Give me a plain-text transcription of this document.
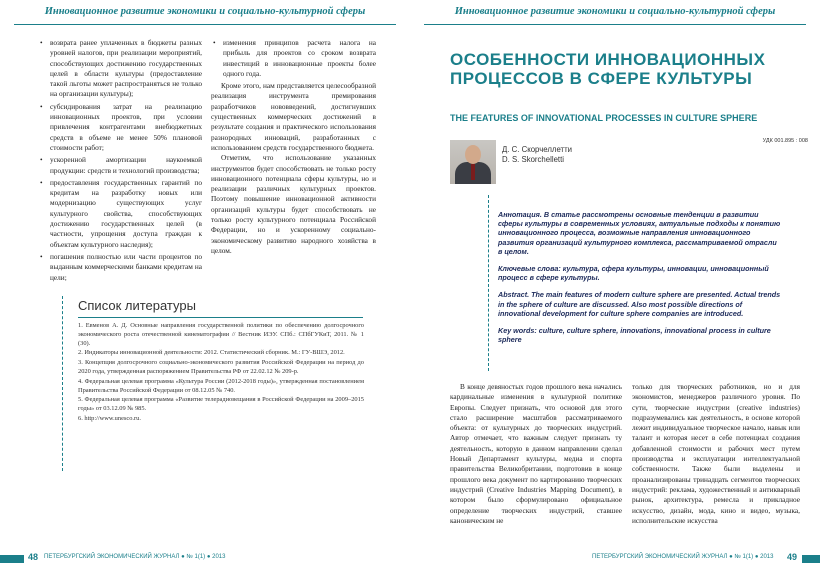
Инновационное развитие экономики и социально-культурной сферы
• возврата ранее уплаченных в бюджеты разных уровней налогов, при реализации мероприятий, способствующих достижению государственных целей в области культуры (предоставление такой льготы может распространяться не только на организации культуры);
• субсидирования затрат на реализацию инновационных проектов, при условии привлечения контрагентами внебюджетных средств в объеме не менее 50% плановой стоимости работ;
• ускоренной амортизации наукоемкой продукции: средств и технологий производства;
• предоставления государственных гарантий по кредитам на разработку новых или модернизацию существующих услуг культурного свойства, способствующих достижению государственных целей (в частности, упрощения доступа граждан к объектам культурного наследия);
• погашения полностью или части процентов по выданным коммерческими банками кредитам на цели;
• изменения принципов расчета налога на прибыль для проектов со сроком возврата инвестиций в инновационные проекты более одного года.

Кроме этого, нам представляется целесообразной реализация инструмента премирования разработчиков нововведений, достигнувших существенных коммерческих достижений в результате создания и практического использования разнородных инноваций, разработанных с использованием средств государственного бюджета.

Отметим, что использование указанных инструментов будет способствовать не только росту инновационного потенциала сферы культуры, но и реализации различных культурных проектов. Поэтому повышение инновационной активности организаций культуры будет способствовать не только росту культурного потенциала Российской Федерации, но и ускоренному социально-экономическому развитию народного хозяйства в целом.

Список литературы
1. Евменов А. Д. Основные направления государственной политики по обеспечению долгосрочного экономического роста отечественной кинематографии // Вестник ИЭУ. СПб.: СПбГУКиТ, 2011. № 1 (30).
2. Индикаторы инновационной деятельности: 2012. Статистический сборник. М.: ГУ-ВШЭ, 2012.
3. Концепция долгосрочного социально-экономического развития Российской Федерации на период до 2020 года, утвержденная распоряжением Правительства РФ от 22.02.12 № 209-р.
4. Федеральная целевая программа «Культура России (2012-2018 годы)», утвержденная постановлением Правительства Российской Федерации от 08.12.05 № 740.
5. Федеральная целевая программа «Развитие телерадиовещания в Российской Федерации на 2009–2015 годы» от 03.12.09 № 985.
6. http://www.unesco.ru.
48 ПЕТЕРБУРГСКИЙ ЭКОНОМИЧЕСКИЙ ЖУРНАЛ ● № 1(1) ● 2013
Инновационное развитие экономики и социально-культурной сферы
ОСОБЕННОСТИ ИННОВАЦИОННЫХ ПРОЦЕССОВ В СФЕРЕ КУЛЬТУРЫ
THE FEATURES OF INNOVATIONAL PROCESSES IN CULTURE SPHERE
УДК 001.895 : 008
Д. С. Скорчеллетти
D. S. Skorchelletti
Аннотация. В статье рассмотрены основные тенденции в развитии сферы культуры в современных условиях, актуальные подходы к понятию инновационного процесса, возможные направления инновационного развития организаций культурного комплекса, рассматриваемой отрасли в целом.
Ключевые слова: культура, сфера культуры, инновации, инновационный процесс в сфере культуры.
Abstract. The main features of modern culture sphere are presented. Actual trends in the sphere of culture are discussed. Also most possible directions of innovational development for culture sphere companies are introduced.
Key words: culture, culture sphere, innovations, innovational process in culture sphere

В конце девяностых годов прошлого века начались кардинальные изменения в культурной политике Европы. Следует признать, что основой для этого стало расширение масштабов рассматриваемого объекта: от культурных до творческих индустрий. Автор отмечает, что важным следует признать ту деятельность, которую в данном направлении сделал Новый Департамент культуры, медиа и спорта правительства Великобритании, подготовив в конце прошлого века документ по картированию творческих индустрий (Creative Industries Mapping Document), в котором было сформулировано официальное определение творческих индустрий, ставшее каноническим не

только для творческих работников, но и для экономистов, менеджеров различного уровня. По сути, творческие индустрии (creative industries) подразумевались как деятельность, в основе которой лежит индивидуальное творческое начало, навык или талант и которая несет в себе потенциал создания добавленной стоимости и рабочих мест путем производства и эксплуатации интеллектуальной собственности. Также были выделены и проанализированы тринадцать сегментов творческих индустрий: реклама, художественный и антикварный рынок, архитектура, ремесла и прикладное искусство, дизайн, мода, кино и видео, музыка, исполнительские искусства

ПЕТЕРБУРГСКИЙ ЭКОНОМИЧЕСКИЙ ЖУРНАЛ ● № 1(1) ● 2013 49
